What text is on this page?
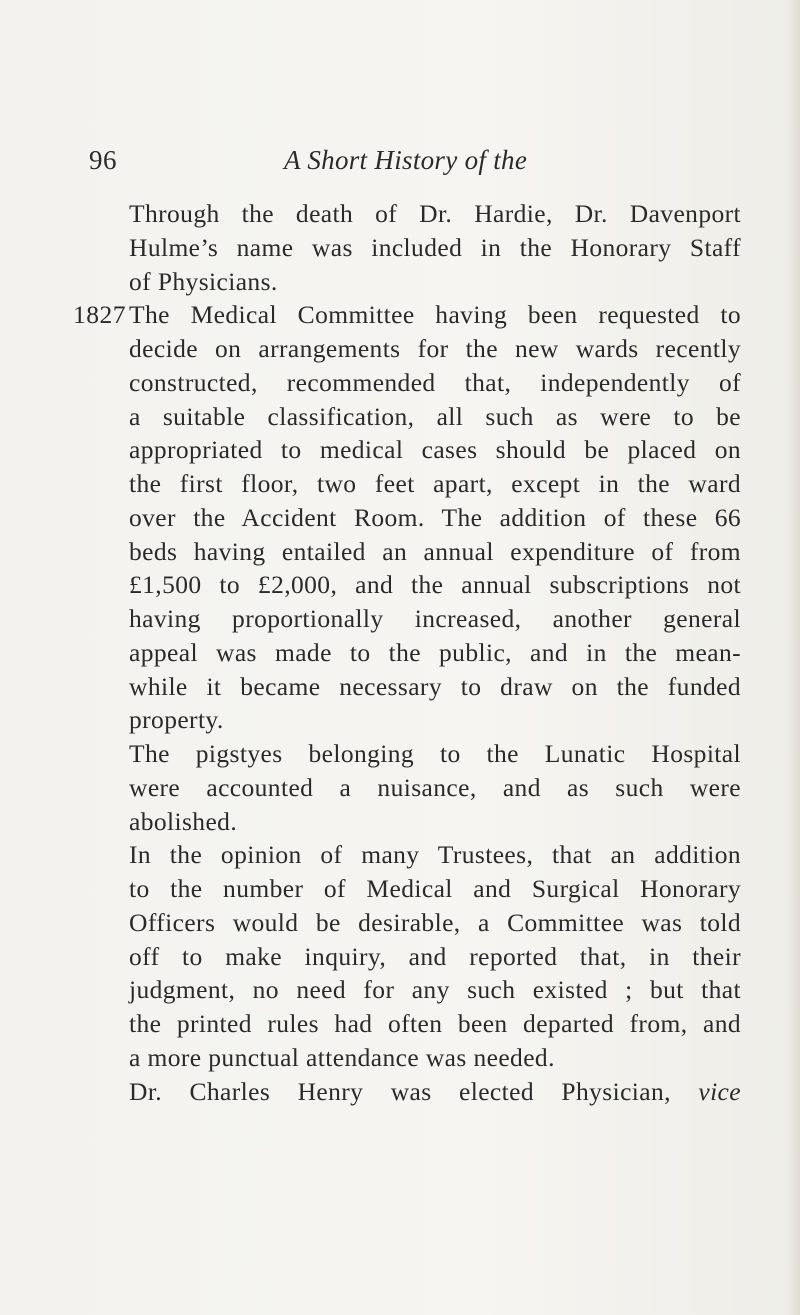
96	A Short History of the
1827
Through the death of Dr. Hardie, Dr. Davenport
Hulme’s name was included in the Honorary Staff
of Physicians.
The Medical Committee having been requested to
decide on arrangements for the new wards recently
constructed, recommended that, independently of
a suitable classification, all such as were to be
appropriated to medical cases should be placed on
the first floor, two feet apart, except in the ward
over the Accident Room. The addition of these 66
beds having entailed an annual expenditure of from
£1,500 to £2,000, and the annual subscriptions not
having proportionally increased, another general
appeal was made to the public, and in the mean-
while it became necessary to draw on the funded
property.
The pigstyes belonging to the Lunatic Hospital
were accounted a nuisance, and as such were
abolished.
In the opinion of many Trustees, that an addition
to the number of Medical and Surgical Honorary
Officers would be desirable, a Committee was told
off to make inquiry, and reported that, in their
judgment, no need for any such existed ; but that
the printed rules had often been departed from, and
a more punctual attendance was needed.
Dr. Charles Henry was elected Physician, vice
